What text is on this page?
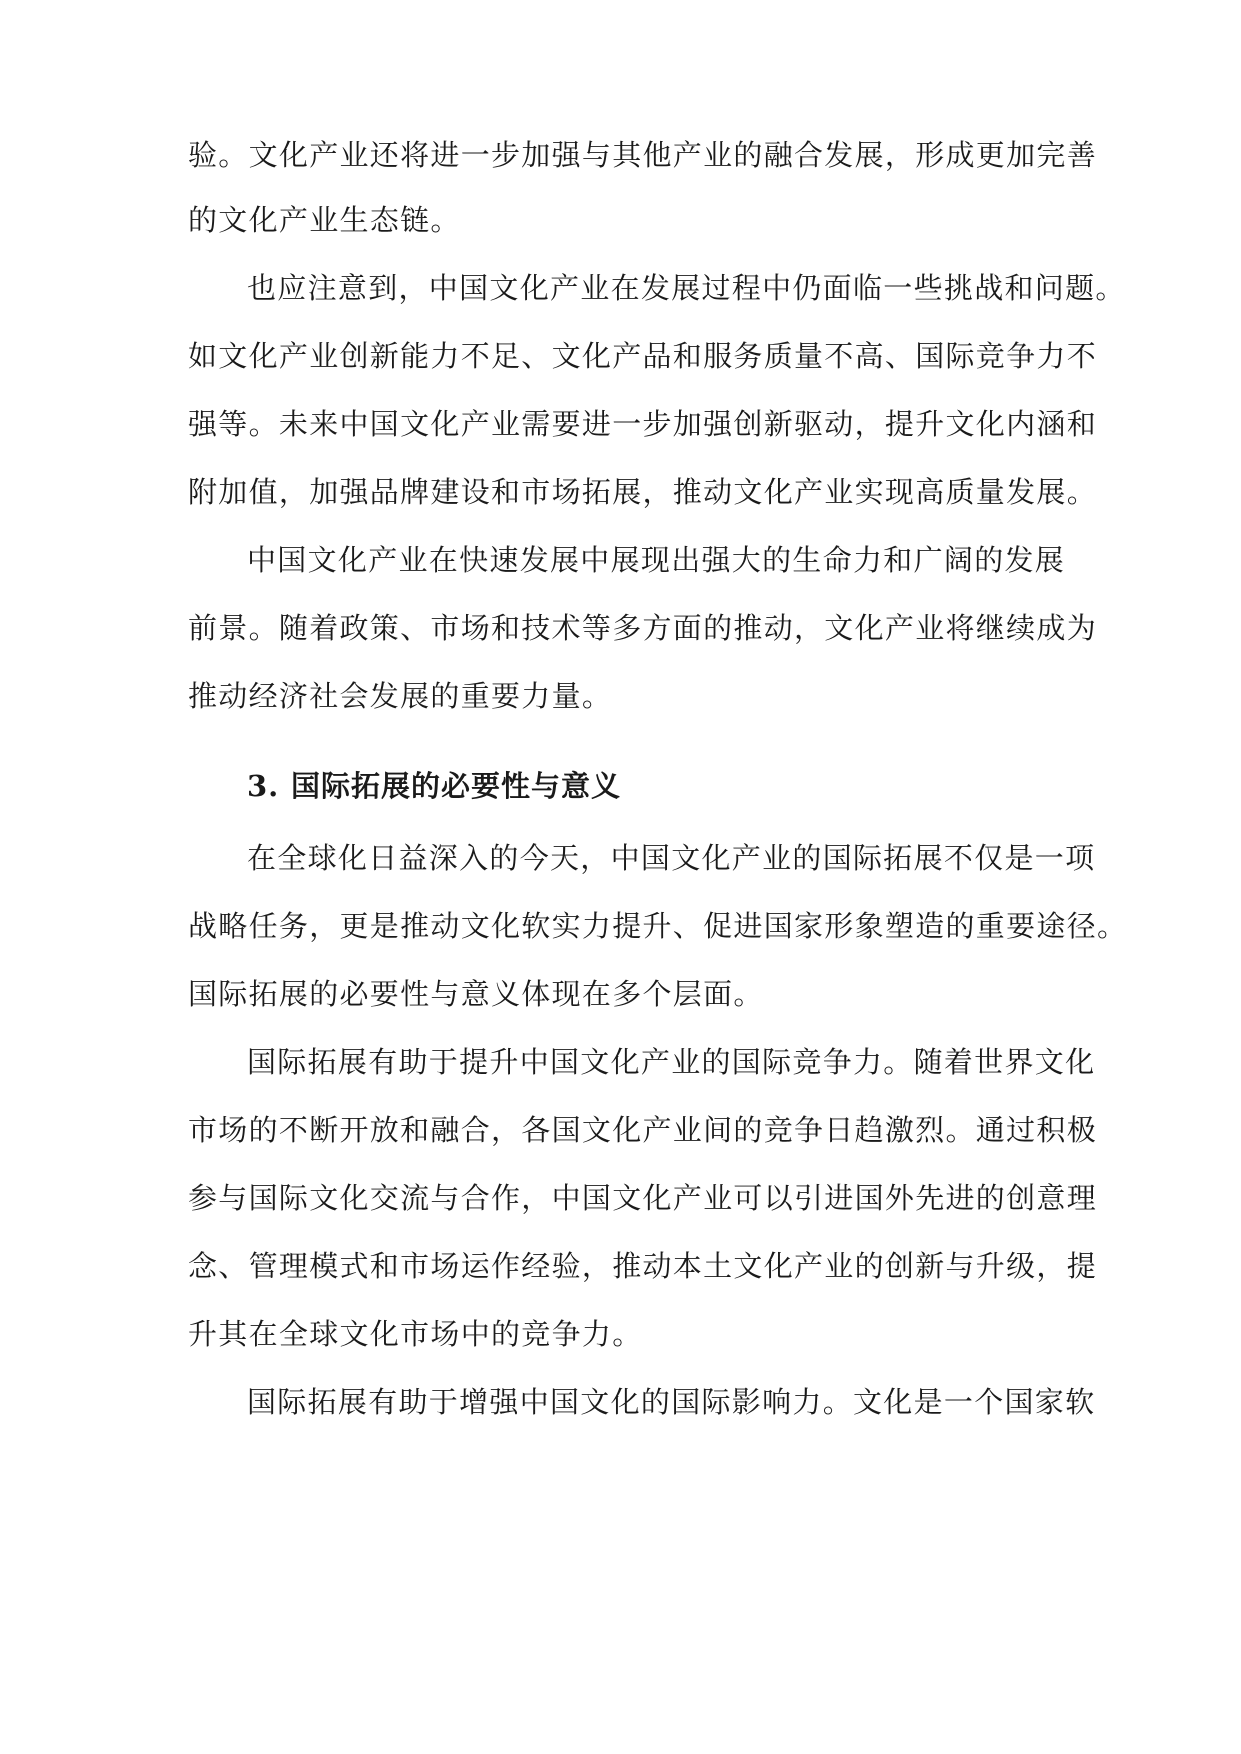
验。文化产业还将进一步加强与其他产业的融合发展，形成更加完善
的文化产业生态链。
也应注意到，中国文化产业在发展过程中仍面临一些挑战和问题。
如文化产业创新能力不足、文化产品和服务质量不高、国际竞争力不
强等。未来中国文化产业需要进一步加强创新驱动，提升文化内涵和
附加值，加强品牌建设和市场拓展，推动文化产业实现高质量发展。
中国文化产业在快速发展中展现出强大的生命力和广阔的发展
前景。随着政策、市场和技术等多方面的推动，文化产业将继续成为
推动经济社会发展的重要力量。
3. 国际拓展的必要性与意义
在全球化日益深入的今天，中国文化产业的国际拓展不仅是一项
战略任务，更是推动文化软实力提升、促进国家形象塑造的重要途径。
国际拓展的必要性与意义体现在多个层面。
国际拓展有助于提升中国文化产业的国际竞争力。随着世界文化
市场的不断开放和融合，各国文化产业间的竞争日趋激烈。通过积极
参与国际文化交流与合作，中国文化产业可以引进国外先进的创意理
念、管理模式和市场运作经验，推动本土文化产业的创新与升级，提
升其在全球文化市场中的竞争力。
国际拓展有助于增强中国文化的国际影响力。文化是一个国家软
